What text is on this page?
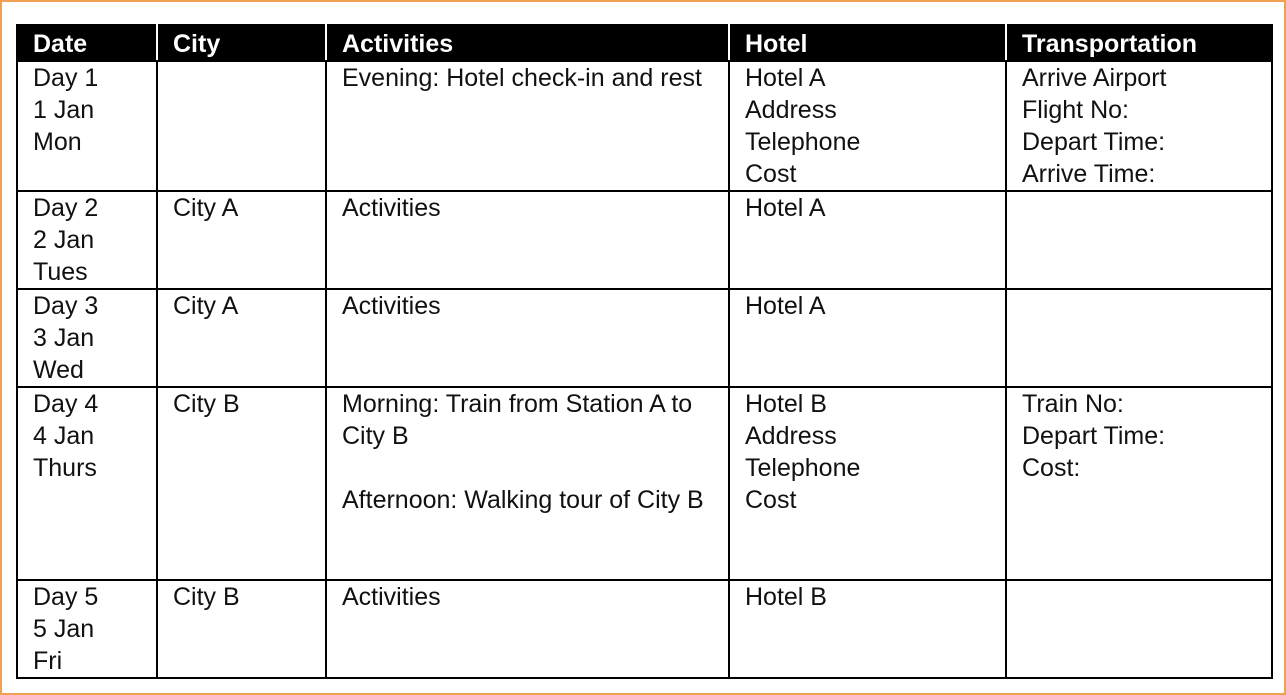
Date	City	Activities	Hotel	Transportation

Day 1
1 Jan
Mon		Evening: Hotel check-in and rest	Hotel A
Address
Telephone
Cost	Arrive Airport
Flight No:
Depart Time:
Arrive Time:

Day 2
2 Jan
Tues	City A	Activities	Hotel A	

Day 3
3 Jan
Wed	City A	Activities	Hotel A	

Day 4
4 Jan
Thurs	City B	Morning: Train from Station A to City B
Afternoon: Walking tour of City B	Hotel B
Address
Telephone
Cost	Train No:
Depart Time:
Cost:

Day 5
5 Jan
Fri	City B	Activities	Hotel B	
